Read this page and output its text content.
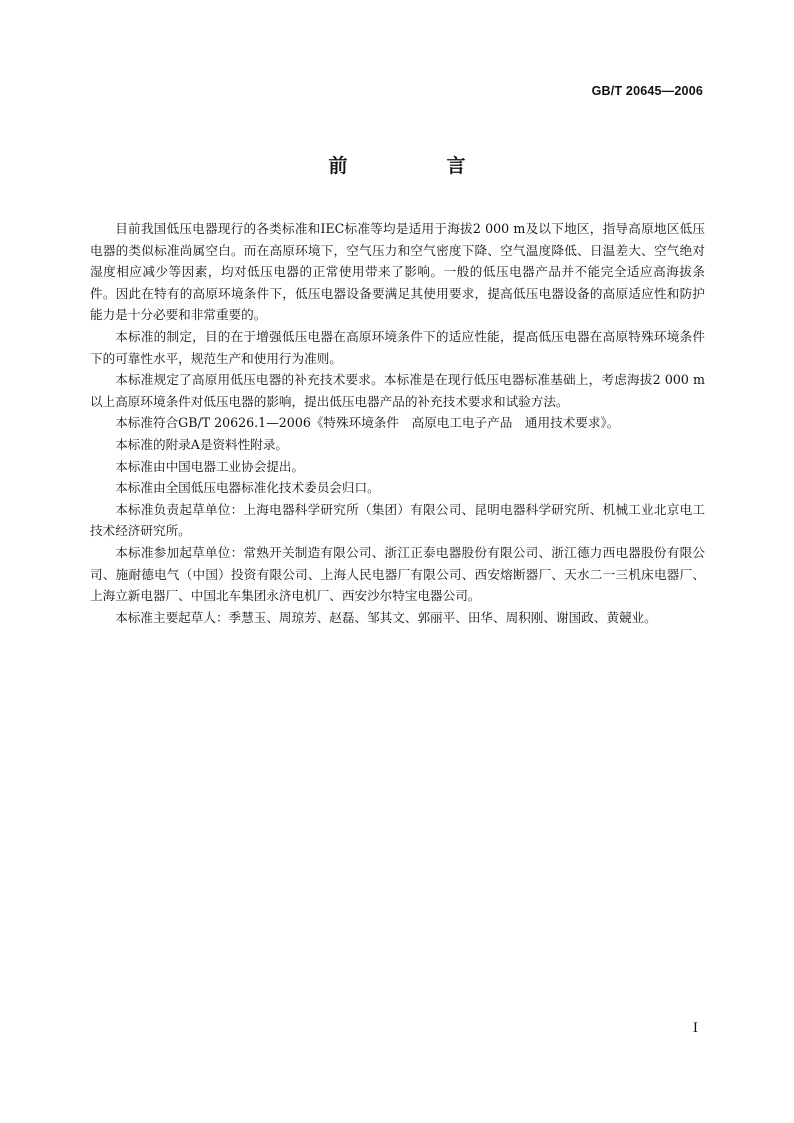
GB/T 20645—2006
前　言

目前我国低压电器现行的各类标准和IEC标准等均是适用于海拔2 000 m及以下地区，指导高原地区低压电器的类似标准尚属空白。而在高原环境下，空气压力和空气密度下降、空气温度降低、日温差大、空气绝对湿度相应减少等因素，均对低压电器的正常使用带来了影响。一般的低压电器产品并不能完全适应高海拔条件。因此在特有的高原环境条件下，低压电器设备要满足其使用要求，提高低压电器设备的高原适应性和防护能力是十分必要和非常重要的。

本标准的制定，目的在于增强低压电器在高原环境条件下的适应性能，提高低压电器在高原特殊环境条件下的可靠性水平，规范生产和使用行为准则。

本标准规定了高原用低压电器的补充技术要求。本标准是在现行低压电器标准基础上，考虑海拔2 000 m以上高原环境条件对低压电器的影响，提出低压电器产品的补充技术要求和试验方法。

本标准符合GB/T 20626.1—2006《特殊环境条件　高原电工电子产品　通用技术要求》。

本标准的附录A是资料性附录。

本标准由中国电器工业协会提出。

本标准由全国低压电器标准化技术委员会归口。

本标准负责起草单位：上海电器科学研究所（集团）有限公司、昆明电器科学研究所、机械工业北京电工技术经济研究所。

本标准参加起草单位：常熟开关制造有限公司、浙江正泰电器股份有限公司、浙江德力西电器股份有限公司、施耐德电气（中国）投资有限公司、上海人民电器厂有限公司、西安熔断器厂、天水二一三机床电器厂、上海立新电器厂、中国北车集团永济电机厂、西安沙尔特宝电器公司。

本标准主要起草人：季慧玉、周琼芳、赵磊、邹其文、郭丽平、田华、周积刚、谢国政、黄競业。

I
